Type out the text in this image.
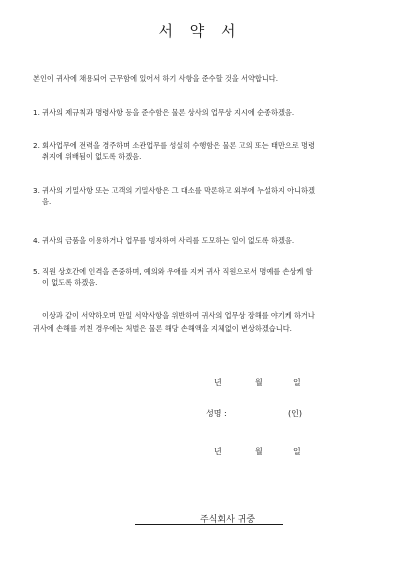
서 약 서
본인이 귀사에 채용되어 근무함에 있어서 하기 사항을 준수할 것을 서약합니다.
1. 귀사의 제규칙과 명령사항 등을 준수함은 물론 상사의 업무상 지시에 순종하겠음.
2. 회사업무에 전력을 경주하며 소관업무를 성실히 수행함은 물론 고의 또는 태만으로 명령
취지에 위배됨이 없도록 하겠음.
3. 귀사의 기밀사항 또는 고객의 기밀사항은 그 대소를 막론하고 외부에 누설하지 아니하겠
음.
4. 귀사의 금품을 이용하거나 업무를 빙자하여 사리를 도모하는 일이 없도록 하겠음.
5. 직원 상호간에 인격을 존중하며, 예의와 우애를 지켜 귀사 직원으로서 명예를 손상케 함
이 없도록 하겠음.
이상과 같이 서약하오며 만일 서약사항을 위반하여 귀사의 업무상 장해를 야기케 하거나
귀사에 손해를 끼친 경우에는 처벌은 물론 해당 손해액을 지체없이 변상하겠습니다.
년	월	일
성명 :	(인)
년	월	일
주식회사 귀중
